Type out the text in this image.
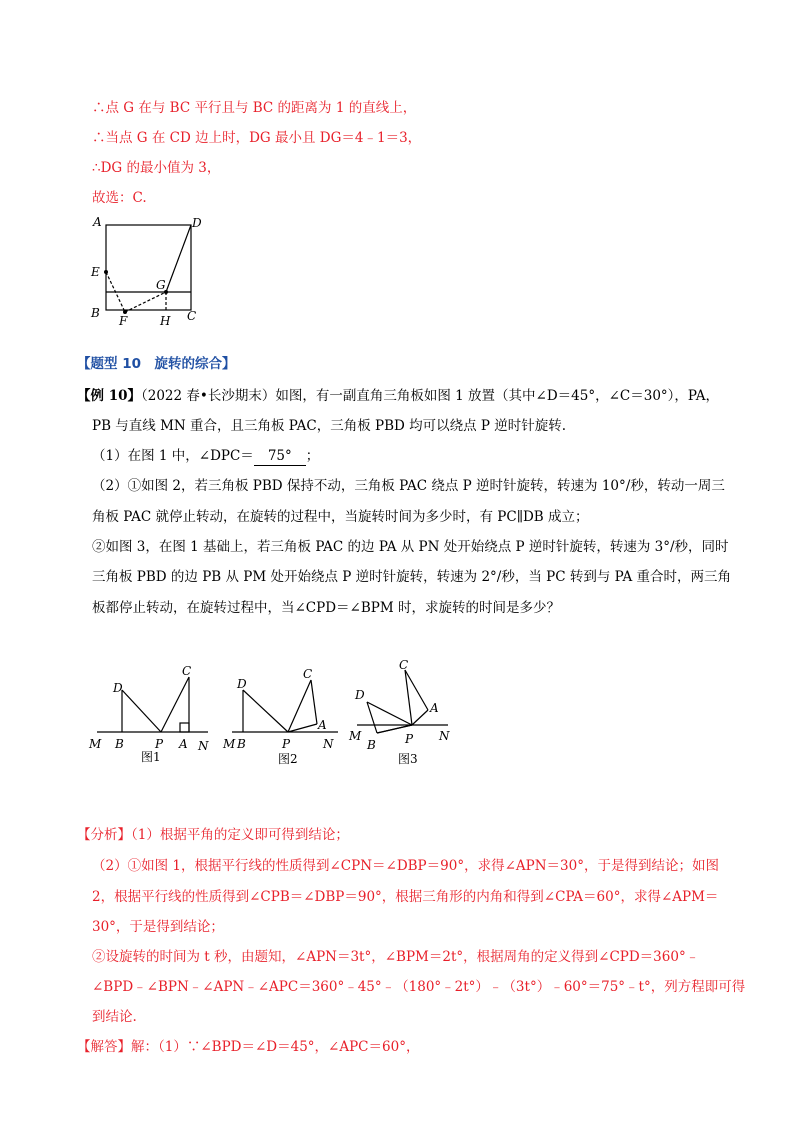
∴点 G 在与 BC 平行且与 BC 的距离为 1 的直线上，
∴当点 G 在 CD 边上时，DG 最小且 DG＝4﹣1＝3，
∴DG 的最小值为 3，
故选：C.
A	D
E
G
B
F	H C
【题型 10　旋转的综合】
【例 10】（2022 春•长沙期末）如图，有一副直角三角板如图 1 放置（其中∠D＝45°，∠C＝30°），PA，
PB 与直线 MN 重合，且三角板 PAC，三角板 PBD 均可以绕点 P 逆时针旋转.
（1）在图 1 中，∠DPC＝ 75° ；
（2）①如图 2，若三角板 PBD 保持不动，三角板 PAC 绕点 P 逆时针旋转，转速为 10°/秒，转动一周三
角板 PAC 就停止转动，在旋转的过程中，当旋转时间为多少时，有 PC∥DB 成立；
②如图 3，在图 1 基础上，若三角板 PAC 的边 PA 从 PN 处开始绕点 P 逆时针旋转，转速为 3°/秒，同时
三角板 PBD 的边 PB 从 PM 处开始绕点 P 逆时针旋转，转速为 2°/秒，当 PC 转到与 PA 重合时，两三角
板都停止转动，在旋转过程中，当∠CPD＝∠BPM 时，求旋转的时间是多少？
M B	P A N
D
C
图1
M B	P
A
N
D
C
图2
M
B P
A
N
D
C
图3
【分析】（1）根据平角的定义即可得到结论；
（2）①如图 1，根据平行线的性质得到∠CPN＝∠DBP＝90°，求得∠APN＝30°，于是得到结论；如图
2，根据平行线的性质得到∠CPB＝∠DBP＝90°，根据三角形的内角和得到∠CPA＝60°，求得∠APM＝
30°，于是得到结论；
②设旋转的时间为 t 秒，由题知，∠APN＝3t°，∠BPM＝2t°，根据周角的定义得到∠CPD＝360°﹣
∠BPD﹣∠BPN﹣∠APN﹣∠APC＝360°﹣45°﹣（180°﹣2t°）﹣（3t°）﹣60°＝75°﹣t°，列方程即可得
到结论.
【解答】解：（1）∵∠BPD＝∠D＝45°，∠APC＝60°，
